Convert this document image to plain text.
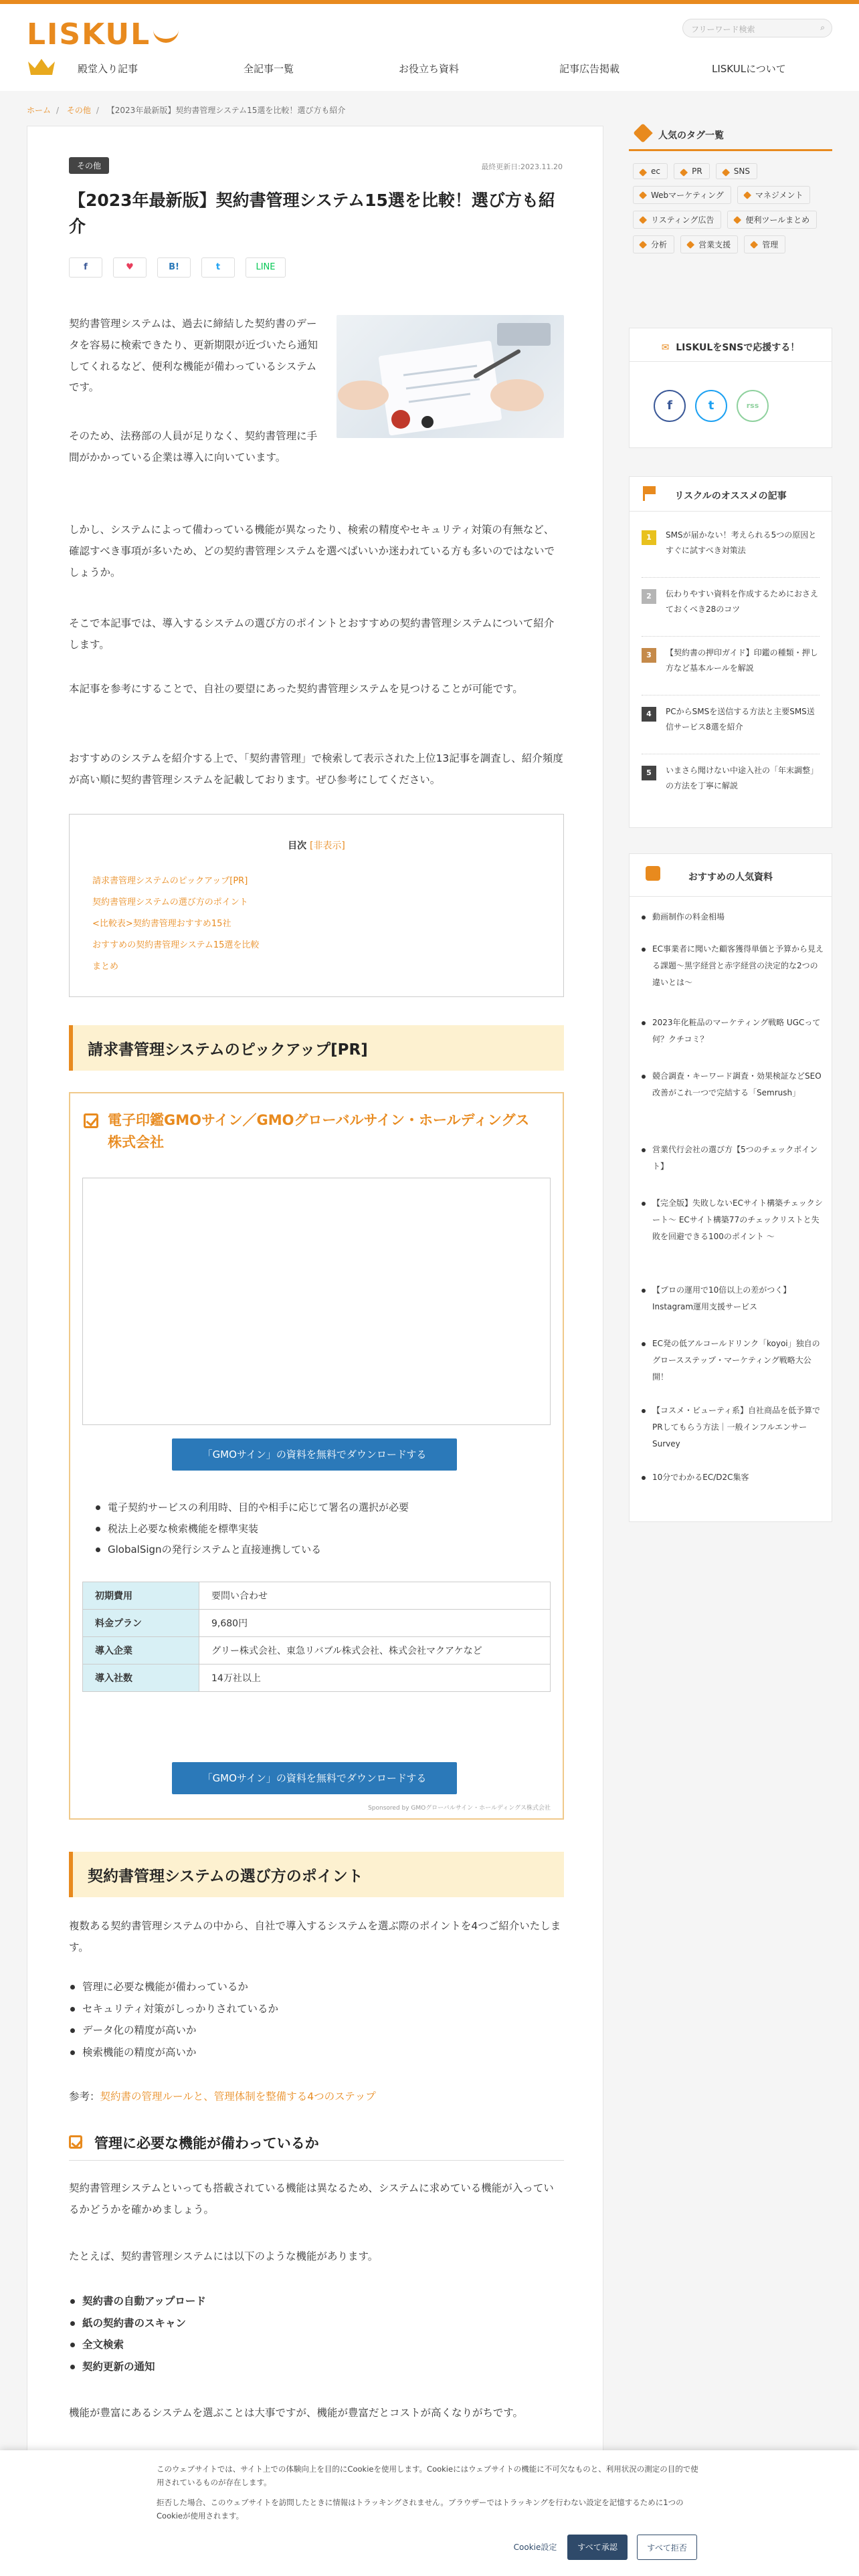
LISKUL	フリーワード検索	⌕
殿堂入り記事	全記事一覧	お役立ち資料	記事広告掲載	LISKULについて
ホーム / その他 / 【2023年最新版】契約書管理システム15選を比較！選び方も紹介
その他	最終更新日:2023.11.20
【2023年最新版】契約書管理システム15選を比較！選び方も紹介
f	♥	B!	t	LINE

契約書管理システムは、過去に締結した契約書のデータを容易に検索できたり、更新期限が近づいたら通知してくれるなど、便利な機能が備わっているシステムです。

そのため、法務部の人員が足りなく、契約書管理に手間がかかっている企業は導入に向いています。

しかし、システムによって備わっている機能が異なったり、検索の精度やセキュリティ対策の有無など、確認すべき事項が多いため、どの契約書管理システムを選べばいいか迷われている方も多いのではないでしょうか。

そこで本記事では、導入するシステムの選び方のポイントとおすすめの契約書管理システムについて紹介します。

本記事を参考にすることで、自社の要望にあった契約書管理システムを見つけることが可能です。

おすすめのシステムを紹介する上で、「契約書管理」で検索して表示された上位13記事を調査し、紹介頻度が高い順に契約書管理システムを記載しております。ぜひ参考にしてください。

目次 [非表示]
請求書管理システムのピックアップ[PR]
契約書管理システムの選び方のポイント
<比較表>契約書管理おすすめ15社
おすすめの契約書管理システム15選を比較
まとめ
請求書管理システムのピックアップ[PR]
電子印鑑GMOサイン／GMOグローバルサイン・ホールディングス株式会社
「GMOサイン」の資料を無料でダウンロードする
電子契約サービスの利用時、目的や相手に応じて署名の選択が必要
税法上必要な検索機能を標準実装
GlobalSignの発行システムと直接連携している
初期費用	要問い合わせ
料金プラン	9,680円
導入企業	グリー株式会社、東急リバブル株式会社、株式会社マクアケなど
導入社数	14万社以上
「GMOサイン」の資料を無料でダウンロードする
Sponsored by GMOグローバルサイン・ホールディングス株式会社
契約書管理システムの選び方のポイント

複数ある契約書管理システムの中から、自社で導入するシステムを選ぶ際のポイントを4つご紹介いたします。

管理に必要な機能が備わっているか
セキュリティ対策がしっかりされているか
データ化の精度が高いか
検索機能の精度が高いか

参考：契約書の管理ルールと、管理体制を整備する4つのステップ

管理に必要な機能が備わっているか

契約書管理システムといっても搭載されている機能は異なるため、システムに求めている機能が入っているかどうかを確かめましょう。

たとえば、契約書管理システムには以下のような機能があります。

契約書の自動アップロード
紙の契約書のスキャン
全文検索
契約更新の通知

機能が豊富にあるシステムを選ぶことは大事ですが、機能が豊富だとコストが高くなりがちです。

人気のタグ一覧
ec	PR	SNS Webマーケティング	マネジメント リスティング広告	便利ツールまとめ 分析	営業支援	管理
✉ LISKULをSNSで応援する！
f	t	rss
リスクルのオススメの記事
1	SMSが届かない！考えられる5つの原因とすぐに試すべき対策法
2	伝わりやすい資料を作成するためにおさえておくべき28のコツ
3	【契約書の押印ガイド】印鑑の種類・押し方など基本ルールを解説
4	PCからSMSを送信する方法と主要SMS送信サービス8選を紹介
5	いまさら聞けない中途入社の「年末調整」の方法を丁寧に解説
おすすめの人気資料
動画制作の料金相場
EC事業者に聞いた顧客獲得単価と予算から見える課題〜黒字経営と赤字経営の決定的な2つの違いとは〜
2023年化粧品のマーケティング戦略 UGCって何？クチコミ？
競合調査・キーワード調査・効果検証などSEO改善がこれ一つで完結する「Semrush」
営業代行会社の選び方【5つのチェックポイント】
【完全版】失敗しないECサイト構築チェックシート〜 ECサイト構築77のチェックリストと失敗を回避できる100のポイント 〜
【プロの運用で10倍以上の差がつく】Instagram運用支援サービス
EC発の低アルコールドリンク「koyoi」独自のグロースステップ・マーケティング戦略大公開！
【コスメ・ビューティ系】自社商品を低予算でPRしてもらう方法｜一般インフルエンサーSurvey
10分でわかるEC/D2C集客

このウェブサイトでは、サイト上での体験向上を目的にCookieを使用します。Cookieにはウェブサイトの機能に不可欠なものと、利用状況の測定の目的で使用されているものが存在します。

拒否した場合、このウェブサイトを訪問したときに情報はトラッキングされません。ブラウザーではトラッキングを行わない設定を記憶するために1つのCookieが使用されます。

Cookie設定	すべて承認	すべて拒否
